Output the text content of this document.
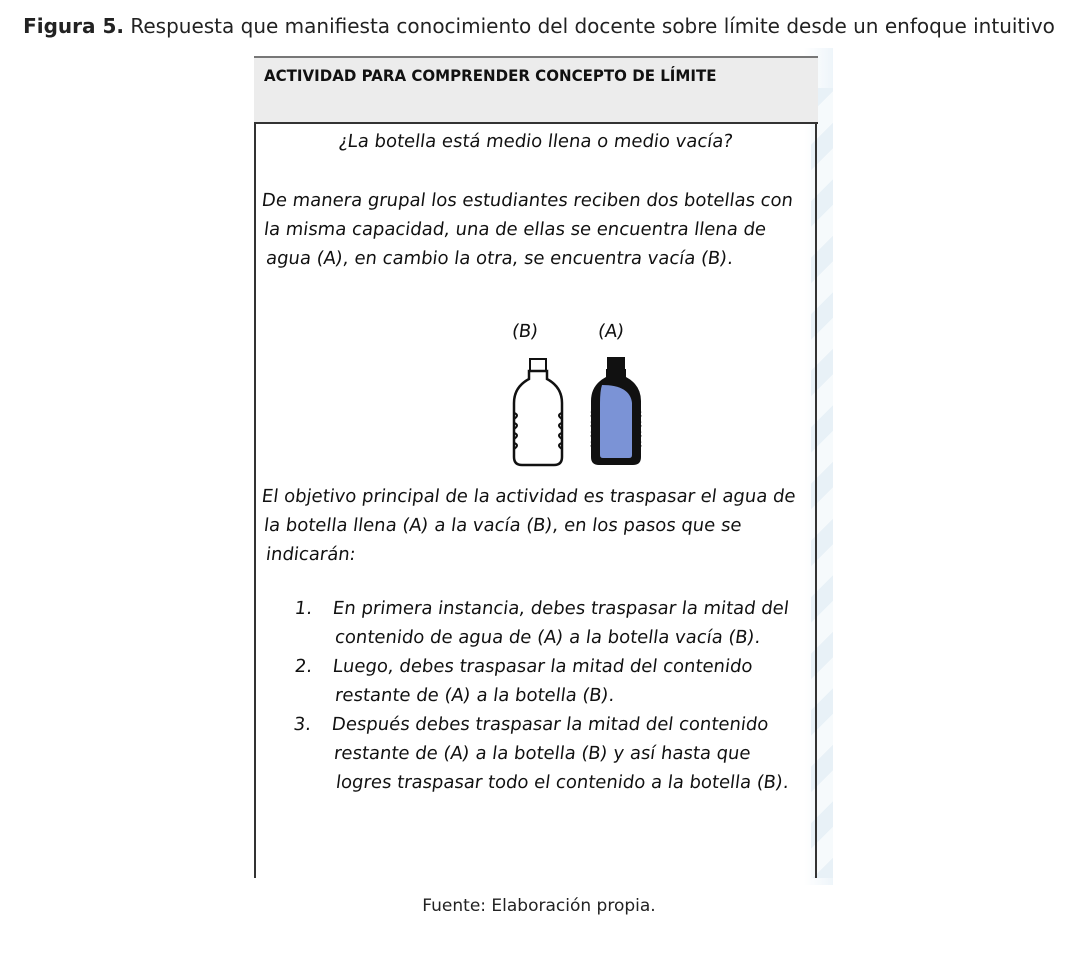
Figura 5. Respuesta que manifiesta conocimiento del docente sobre límite desde un enfoque intuitivo
ACTIVIDAD PARA COMPRENDER CONCEPTO DE LÍMITE
¿La botella está medio llena o medio vacía?
De manera grupal los estudiantes reciben dos botellas con la misma capacidad, una de ellas se encuentra llena de agua (A), en cambio la otra, se encuentra vacía (B).
(B)	(A)
El objetivo principal de la actividad es traspasar el agua de la botella llena (A) a la vacía (B), en los pasos que se indicarán:
1. En primera instancia, debes traspasar la mitad del contenido de agua de (A) a la botella vacía (B).
2. Luego, debes traspasar la mitad del contenido restante de (A) a la botella (B).
3. Después debes traspasar la mitad del contenido restante de (A) a la botella (B) y así hasta que logres traspasar todo el contenido a la botella (B).
Fuente: Elaboración propia.
